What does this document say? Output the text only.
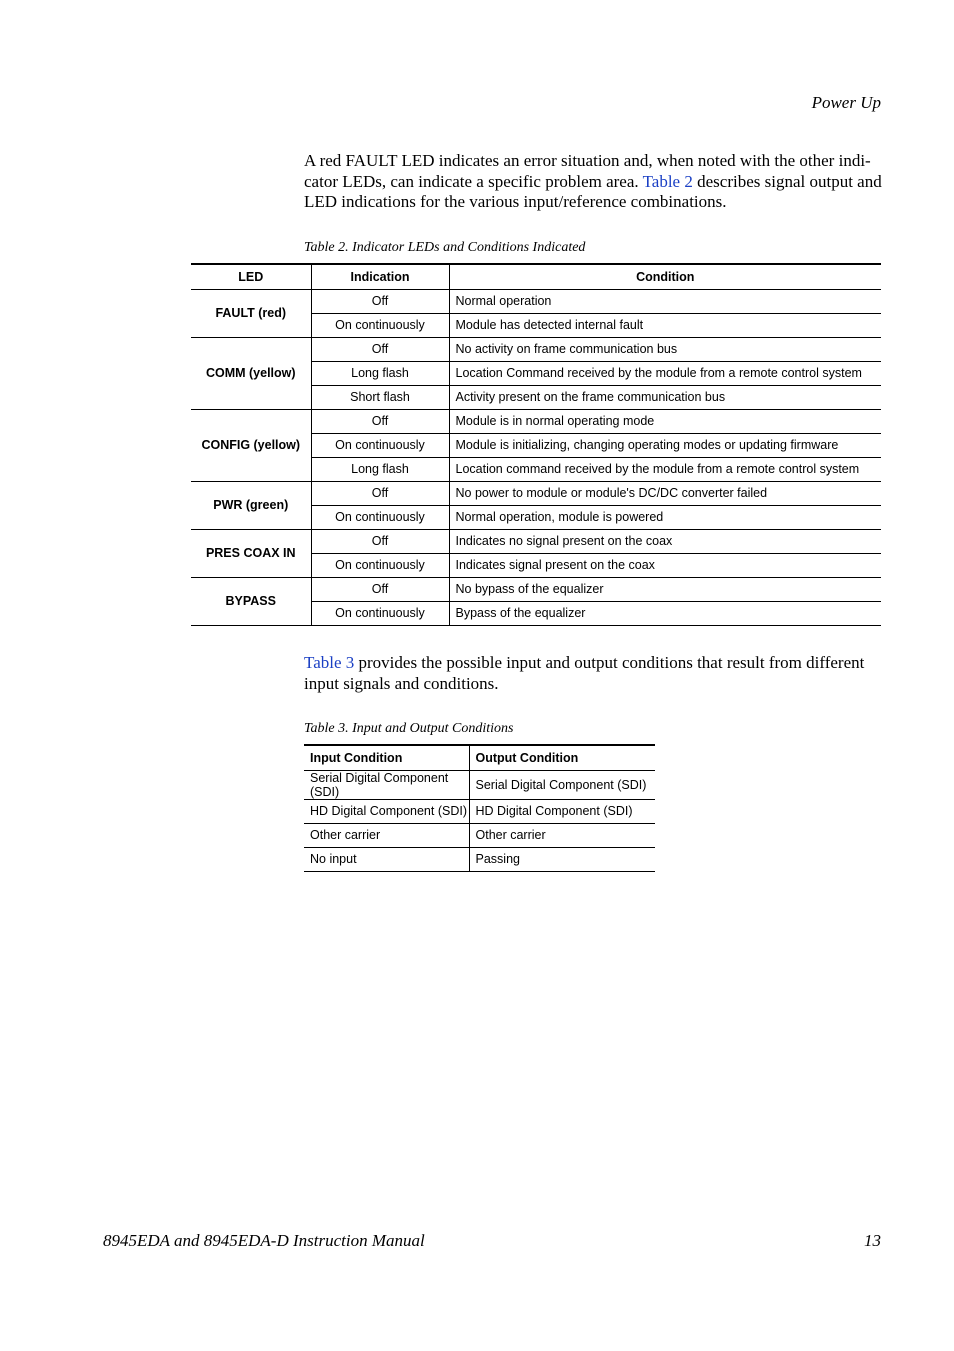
Power Up
A red FAULT LED indicates an error situation and, when noted with the other indi-cator LEDs, can indicate a specific problem area. Table 2 describes signal output and LED indications for the various input/reference combinations.
Table 2. Indicator LEDs and Conditions Indicated
LED	Indication	Condition
FAULT (red)	Off	Normal operation
	On continuously	Module has detected internal fault
COMM (yellow)	Off	No activity on frame communication bus
	Long flash	Location Command received by the module from a remote control system
	Short flash	Activity present on the frame communication bus
CONFIG (yellow)	Off	Module is in normal operating mode
	On continuously	Module is initializing, changing operating modes or updating firmware
	Long flash	Location command received by the module from a remote control system
PWR (green)	Off	No power to module or module's DC/DC converter failed
	On continuously	Normal operation, module is powered
PRES COAX IN	Off	Indicates no signal present on the coax
	On continuously	Indicates signal present on the coax
BYPASS	Off	No bypass of the equalizer
	On continuously	Bypass of the equalizer
Table 3 provides the possible input and output conditions that result from different input signals and conditions.
Table 3. Input and Output Conditions
Input Condition	Output Condition
Serial Digital Component (SDI)	Serial Digital Component (SDI)
HD Digital Component (SDI)	HD Digital Component (SDI)
Other carrier	Other carrier
No input	Passing
8945EDA and 8945EDA-D Instruction Manual	13
